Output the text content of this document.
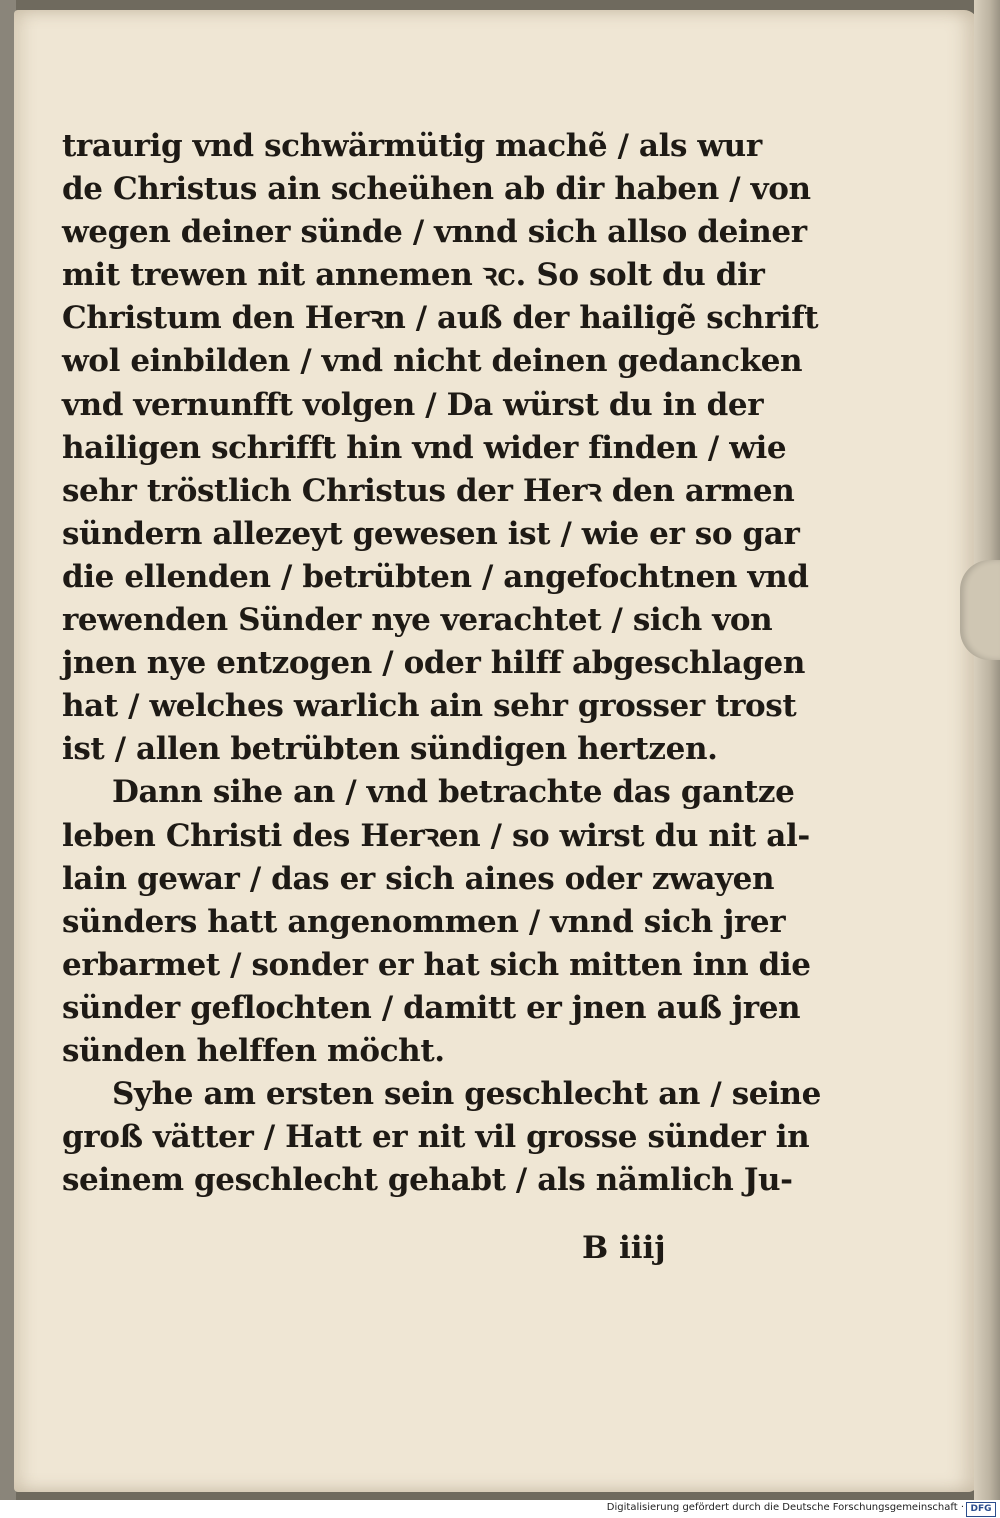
traurig vnd schwärmütig machẽ / als wur
de Christus ain scheühen ab dir haben / von
wegen deiner sünde / vnnd sich allso deiner
mit trewen nit annemen ꝛc. So solt du dir
Christum den Herꝛn / auß der hailigẽ schrift
wol einbilden / vnd nicht deinen gedancken
vnd vernunfft volgen / Da würst du in der
hailigen schrifft hin vnd wider finden / wie
sehr tröstlich Christus der Herꝛ den armen
sündern allezeyt gewesen ist / wie er so gar
die ellenden / betrübten / angefochtnen vnd
rewenden Sünder nye verachtet / sich von
jnen nye entzogen / oder hilff abgeschlagen
hat / welches warlich ain sehr grosser trost
ist / allen betrübten sündigen hertzen.
Dann sihe an / vnd betrachte das gantze
leben Christi des Herꝛen / so wirst du nit al-
lain gewar / das er sich aines oder zwayen
sünders hatt angenommen / vnnd sich jrer
erbarmet / sonder er hat sich mitten inn die
sünder geflochten / damitt er jnen auß jren
sünden helffen möcht.
Syhe am ersten sein geschlecht an / seine
groß vätter / Hatt er nit vil grosse sünder in
seinem geschlecht gehabt / als nämlich Ju-
B iiij
Digitalisierung gefördert durch die Deutsche Forschungsgemeinschaft · DFG
